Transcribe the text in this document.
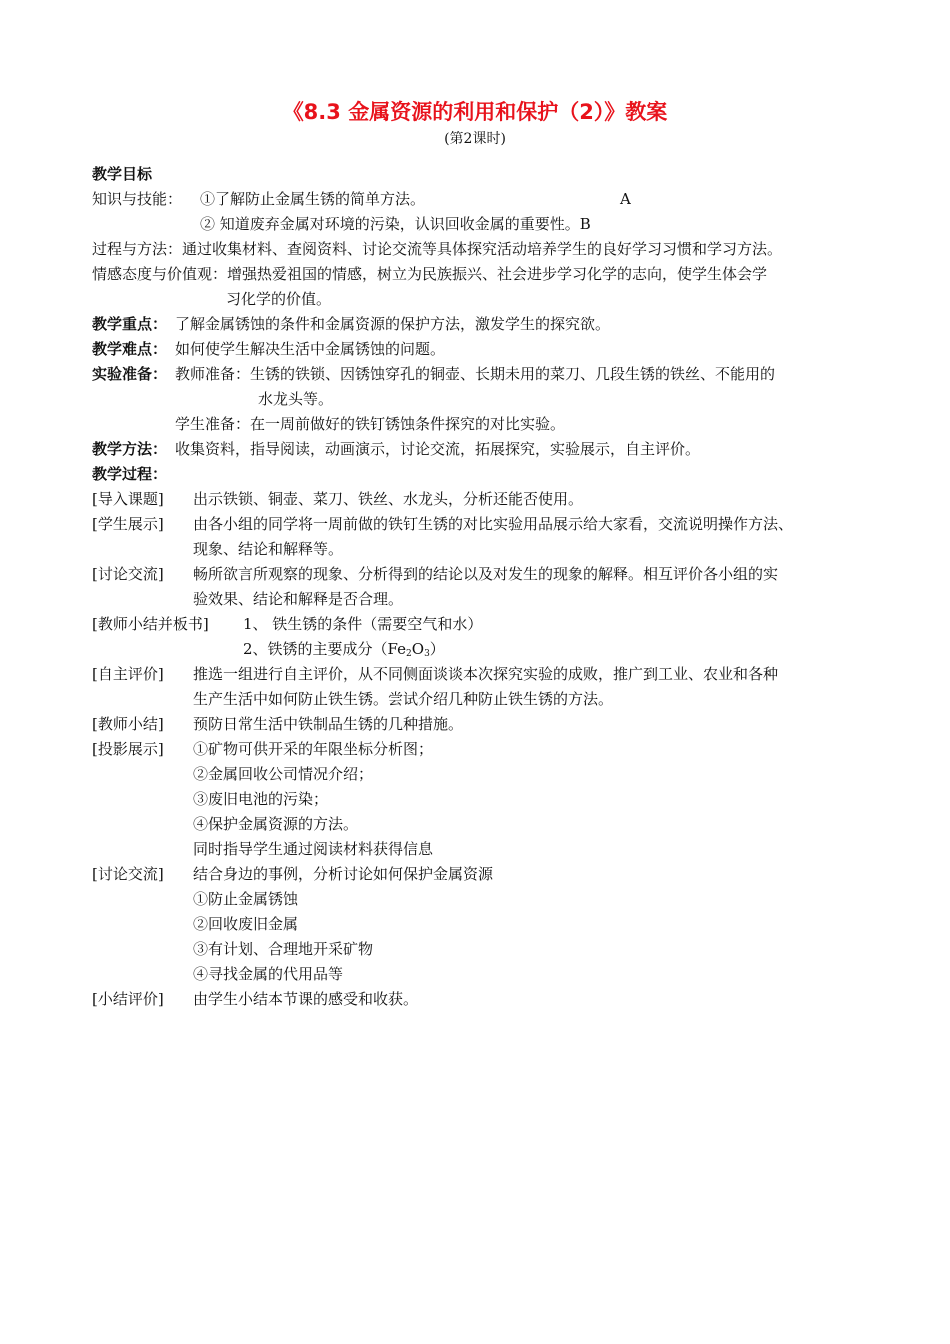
《8.3 金属资源的利用和保护（2）》教案
(第2课时)
教学目标
知识与技能： ①了解防止金属生锈的简单方法。	A
② 知道废弃金属对环境的污染，认识回收金属的重要性。B
过程与方法：通过收集材料、查阅资料、讨论交流等具体探究活动培养学生的良好学习习惯和学习方法。
情感态度与价值观：增强热爱祖国的情感，树立为民族振兴、社会进步学习化学的志向，使学生体会学
习化学的价值。
教学重点： 了解金属锈蚀的条件和金属资源的保护方法，激发学生的探究欲。
教学难点： 如何使学生解决生活中金属锈蚀的问题。
实验准备： 教师准备：生锈的铁锁、因锈蚀穿孔的铜壶、长期未用的菜刀、几段生锈的铁丝、不能用的
水龙头等。
学生准备：在一周前做好的铁钉锈蚀条件探究的对比实验。
教学方法： 收集资料，指导阅读，动画演示，讨论交流，拓展探究，实验展示，自主评价。
教学过程：
[导入课题] 出示铁锁、铜壶、菜刀、铁丝、水龙头，分析还能否使用。
[学生展示] 由各小组的同学将一周前做的铁钉生锈的对比实验用品展示给大家看，交流说明操作方法、
现象、结论和解释等。
[讨论交流] 畅所欲言所观察的现象、分析得到的结论以及对发生的现象的解释。相互评价各小组的实
验效果、结论和解释是否合理。
[教师小结并板书] 1、 铁生锈的条件（需要空气和水）
2、铁锈的主要成分$(Fe_2O_3)$
[自主评价] 推选一组进行自主评价，从不同侧面谈谈本次探究实验的成败，推广到工业、农业和各种
生产生活中如何防止铁生锈。尝试介绍几种防止铁生锈的方法。
[教师小结] 预防日常生活中铁制品生锈的几种措施。
[投影展示] ①矿物可供开采的年限坐标分析图；
②金属回收公司情况介绍；
③废旧电池的污染；
④保护金属资源的方法。
同时指导学生通过阅读材料获得信息
[讨论交流] 结合身边的事例，分析讨论如何保护金属资源
①防止金属锈蚀
②回收废旧金属
③有计划、合理地开采矿物
④寻找金属的代用品等
[小结评价] 由学生小结本节课的感受和收获。
